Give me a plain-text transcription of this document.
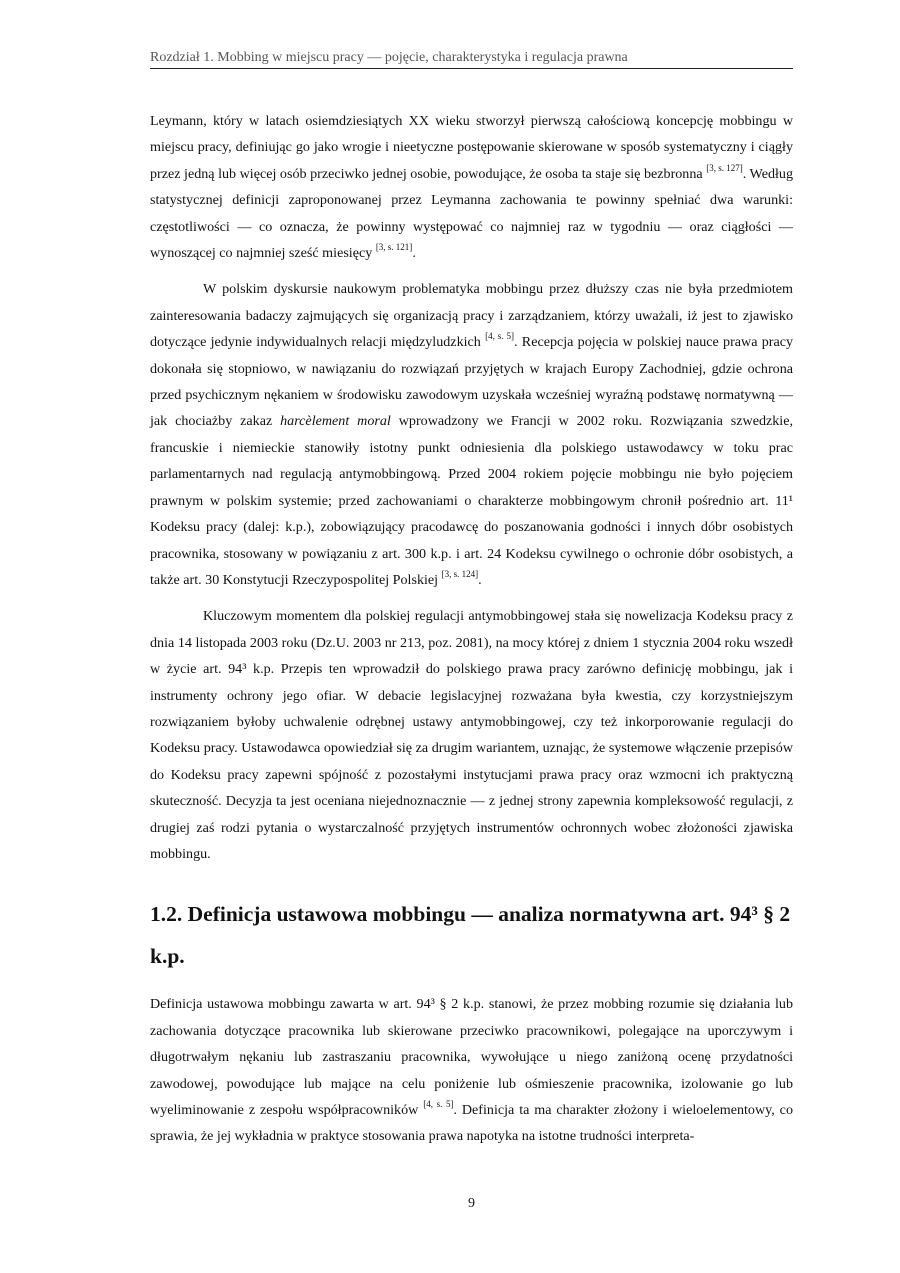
Rozdział 1. Mobbing w miejscu pracy — pojęcie, charakterystyka i regulacja prawna

Leymann, który w latach osiemdziesiątych XX wieku stworzył pierwszą całościową koncepcję mobbingu w miejscu pracy, definiując go jako wrogie i nieetyczne postępowanie skierowane w sposób systematyczny i ciągły przez jedną lub więcej osób przeciwko jednej osobie, powodujące, że osoba ta staje się bezbronna [3, s. 127]. Według statystycznej definicji zaproponowanej przez Leymanna zachowania te powinny spełniać dwa warunki: częstotliwości — co oznacza, że powinny występować co najmniej raz w tygodniu — oraz ciągłości — wynoszącej co najmniej sześć miesięcy [3, s. 121].

W polskim dyskursie naukowym problematyka mobbingu przez dłuższy czas nie była przedmiotem zainteresowania badaczy zajmujących się organizacją pracy i zarządzaniem, którzy uważali, iż jest to zjawisko dotyczące jedynie indywidualnych relacji międzyludzkich [4, s. 5]. Recepcja pojęcia w polskiej nauce prawa pracy dokonała się stopniowo, w nawiązaniu do rozwiązań przyjętych w krajach Europy Zachodniej, gdzie ochrona przed psychicznym nękaniem w środowisku zawodowym uzyskała wcześniej wyraźną podstawę normatywną — jak chociażby zakaz harcèlement moral wprowadzony we Francji w 2002 roku. Rozwiązania szwedzkie, francuskie i niemieckie stanowiły istotny punkt odniesienia dla polskiego ustawodawcy w toku prac parlamentarnych nad regulacją antymobbingową. Przed 2004 rokiem pojęcie mobbingu nie było pojęciem prawnym w polskim systemie; przed zachowaniami o charakterze mobbingowym chronił pośrednio art. 11¹ Kodeksu pracy (dalej: k.p.), zobowiązujący pracodawcę do poszanowania godności i innych dóbr osobistych pracownika, stosowany w powiązaniu z art. 300 k.p. i art. 24 Kodeksu cywilnego o ochronie dóbr osobistych, a także art. 30 Konstytucji Rzeczypospolitej Polskiej [3, s. 124].

Kluczowym momentem dla polskiej regulacji antymobbingowej stała się nowelizacja Kodeksu pracy z dnia 14 listopada 2003 roku (Dz.U. 2003 nr 213, poz. 2081), na mocy której z dniem 1 stycznia 2004 roku wszedł w życie art. 94³ k.p. Przepis ten wprowadził do polskiego prawa pracy zarówno definicję mobbingu, jak i instrumenty ochrony jego ofiar. W debacie legislacyjnej rozważana była kwestia, czy korzystniejszym rozwiązaniem byłoby uchwalenie odrębnej ustawy antymobbingowej, czy też inkorporowanie regulacji do Kodeksu pracy. Ustawodawca opowiedział się za drugim wariantem, uznając, że systemowe włączenie przepisów do Kodeksu pracy zapewni spójność z pozostałymi instytucjami prawa pracy oraz wzmocni ich praktyczną skuteczność. Decyzja ta jest oceniana niejednoznacznie — z jednej strony zapewnia kompleksowość regulacji, z drugiej zaś rodzi pytania o wystarczalność przyjętych instrumentów ochronnych wobec złożoności zjawiska mobbingu.

1.2. Definicja ustawowa mobbingu — analiza normatywna art. 94³ § 2 k.p.

Definicja ustawowa mobbingu zawarta w art. 94³ § 2 k.p. stanowi, że przez mobbing rozumie się działania lub zachowania dotyczące pracownika lub skierowane przeciwko pracownikowi, polegające na uporczywym i długotrwałym nękaniu lub zastraszaniu pracownika, wywołujące u niego zaniżoną ocenę przydatności zawodowej, powodujące lub mające na celu poniżenie lub ośmieszenie pracownika, izolowanie go lub wyeliminowanie z zespołu współpracowników [4, s. 5]. Definicja ta ma charakter złożony i wieloelementowy, co sprawia, że jej wykładnia w praktyce stosowania prawa napotyka na istotne trudności interpreta-

9
